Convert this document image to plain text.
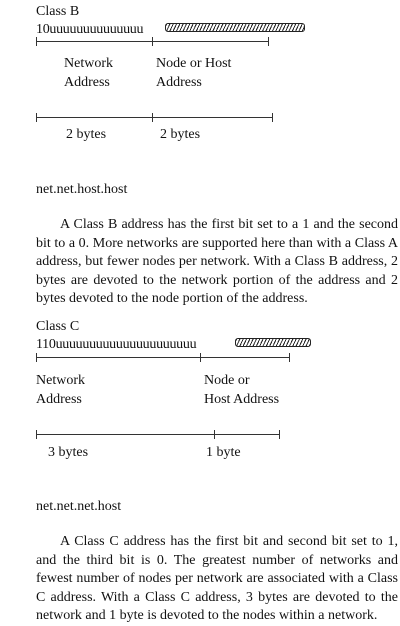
Class B
10uuuuuuuuuuuuuu
Network
Address
Node or Host
Address
2 bytes	2 bytes
net.net.host.host
A Class B address has the first bit set to a 1 and the second bit to a 0. More networks are supported here than with a Class A address, but fewer nodes per network. With a Class B address, 2 bytes are devoted to the network portion of the address and 2 bytes devoted to the node portion of the address.
Class C
110uuuuuuuuuuuuuuuuuuuuu
Network
Address
Node or
Host Address
3 bytes	1 byte
net.net.net.host
A Class C address has the first bit and second bit set to 1, and the third bit is 0. The greatest number of networks and fewest number of nodes per network are associated with a Class C address. With a Class C address, 3 bytes are devoted to the network and 1 byte is devoted to the nodes within a network.
